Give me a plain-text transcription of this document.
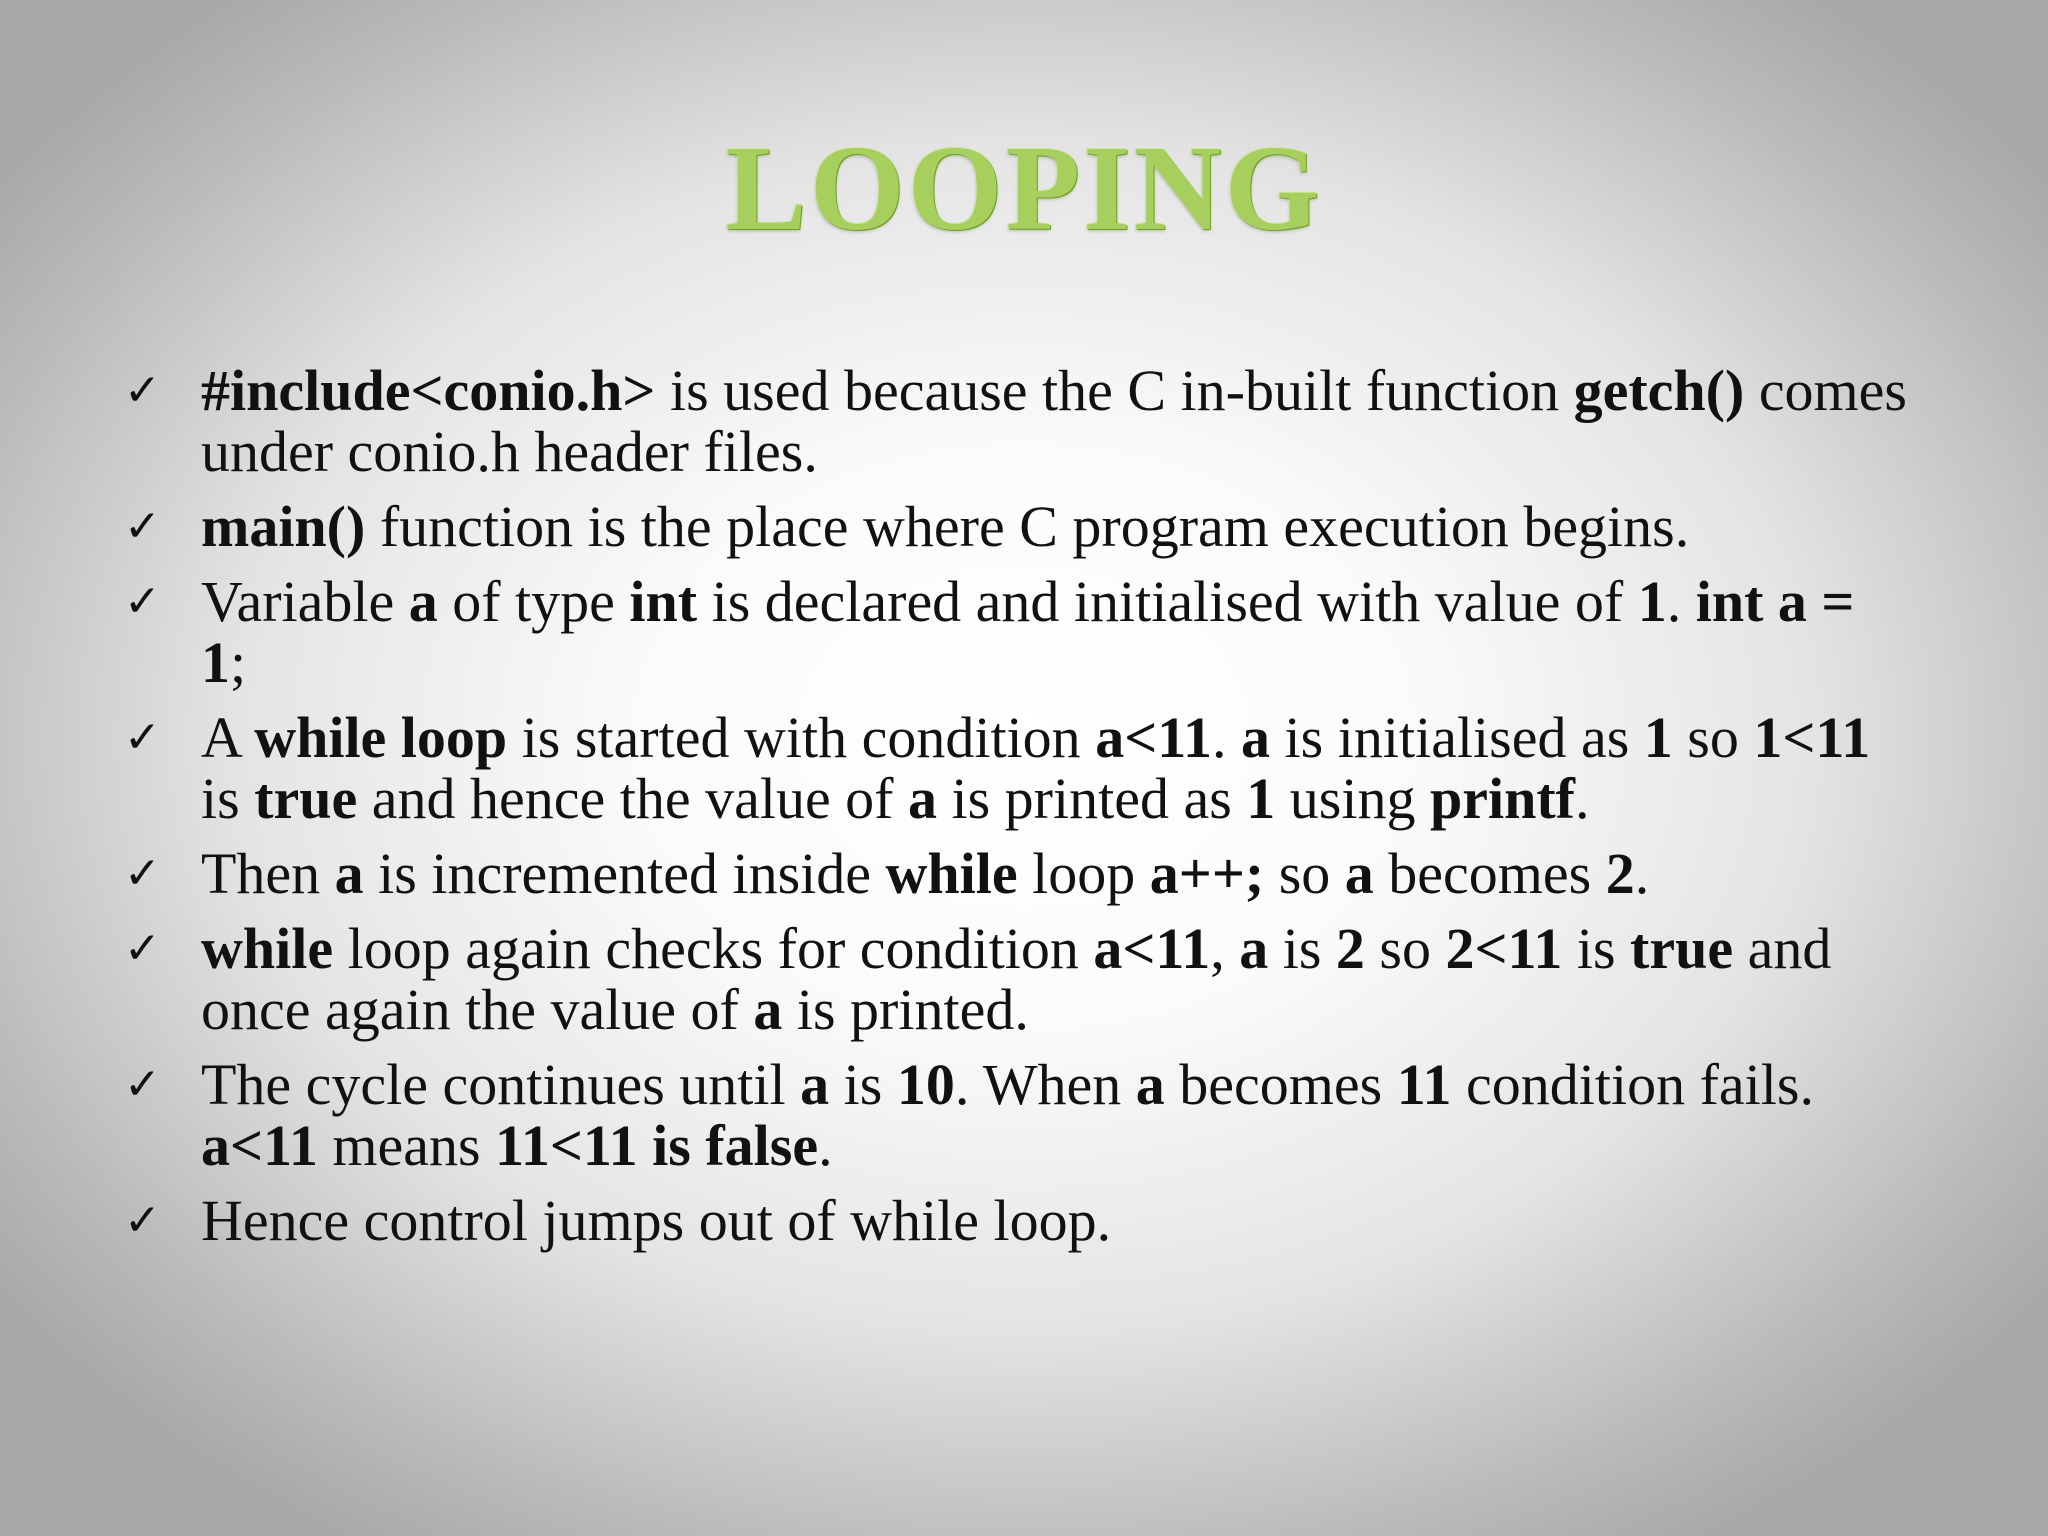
LOOPING
✓ #include<conio.h> is used because the C in-built function getch() comes under conio.h header files.
✓ main() function is the place where C program execution begins.
✓ Variable a of type int is declared and initialised with value of 1. int a = 1;
✓ A while loop is started with condition a<11. a is initialised as 1 so 1<11 is true and hence the value of a is printed as 1 using printf.
✓ Then a is incremented inside while loop a++; so a becomes 2.
✓ while loop again checks for condition a<11, a is 2 so 2<11 is true and once again the value of a is printed.
✓ The cycle continues until a is 10. When a becomes 11 condition fails. a<11 means 11<11 is false.
✓ Hence control jumps out of while loop.
